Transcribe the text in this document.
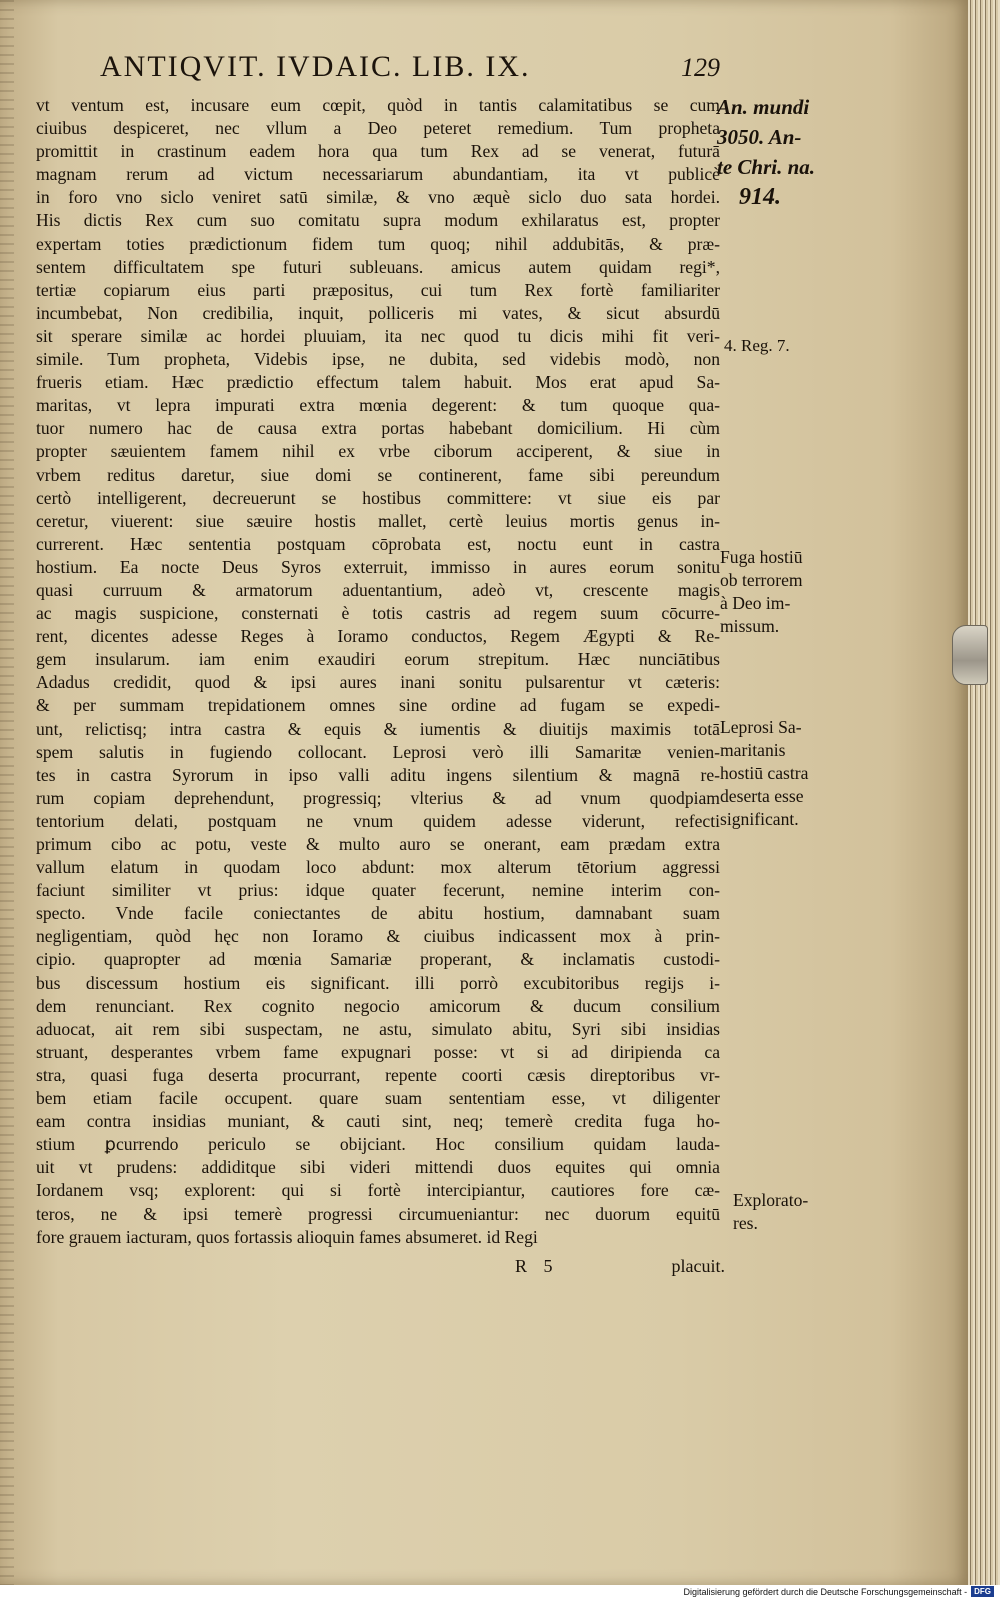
ANTIQVIT. IVDAIC. LIB. IX.	129
vt ventum est, incusare eum cœpit, quòd in tantis calamitatibus se cum
ciuibus despiceret, nec vllum a Deo peteret remedium. Tum propheta
promittit in crastinum eadem hora qua tum Rex ad se venerat, futurā
magnam rerum ad victum necessariarum abundantiam, ita vt publicè
in foro vno siclo veniret satū similæ, & vno æquè siclo duo sata hordei.
His dictis Rex cum suo comitatu supra modum exhilaratus est, propter
expertam toties prædictionum fidem tum quoq; nihil addubitās, & præ-
sentem difficultatem spe futuri subleuans. amicus autem quidam regi*,
tertiæ copiarum eius parti præpositus, cui tum Rex fortè familiariter
incumbebat, Non credibilia, inquit, polliceris mi vates, & sicut absurdū
sit sperare similæ ac hordei pluuiam, ita nec quod tu dicis mihi fit veri-
simile. Tum propheta, Videbis ipse, ne dubita, sed videbis modò, non
frueris etiam. Hæc prædictio effectum talem habuit. Mos erat apud Sa-
maritas, vt lepra impurati extra mœnia degerent: & tum quoque qua-
tuor numero hac de causa extra portas habebant domicilium. Hi cùm
propter sæuientem famem nihil ex vrbe ciborum acciperent, & siue in
vrbem reditus daretur, siue domi se continerent, fame sibi pereundum
certò intelligerent, decreuerunt se hostibus committere: vt siue eis par
ceretur, viuerent: siue sæuire hostis mallet, certè leuius mortis genus in-
currerent. Hæc sententia postquam cōprobata est, noctu eunt in castra
hostium. Ea nocte Deus Syros exterruit, immisso in aures eorum sonitu
quasi curruum & armatorum aduentantium, adeò vt, crescente magis
ac magis suspicione, consternati è totis castris ad regem suum cōcurre-
rent, dicentes adesse Reges à Ioramo conductos, Regem Ægypti & Re-
gem insularum. iam enim exaudiri eorum strepitum. Hæc nunciātibus
Adadus credidit, quod & ipsi aures inani sonitu pulsarentur vt cæteris:
& per summam trepidationem omnes sine ordine ad fugam se expedi-
unt, relictisq; intra castra & equis & iumentis & diuitijs maximis totā
spem salutis in fugiendo collocant. Leprosi verò illi Samaritæ venien-
tes in castra Syrorum in ipso valli aditu ingens silentium & magnā re-
rum copiam deprehendunt, progressiq; vlterius & ad vnum quodpiam
tentorium delati, postquam ne vnum quidem adesse viderunt, refecti
primum cibo ac potu, veste & multo auro se onerant, eam prædam extra
vallum elatum in quodam loco abdunt: mox alterum tētorium aggressi
faciunt similiter vt prius: idque quater fecerunt, nemine interim con-
specto. Vnde facile coniectantes de abitu hostium, damnabant suam
negligentiam, quòd hęc non Ioramo & ciuibus indicassent mox à prin-
cipio. quapropter ad mœnia Samariæ properant, & inclamatis custodi-
bus discessum hostium eis significant. illi porrò excubitoribus regijs i-
dem renunciant. Rex cognito negocio amicorum & ducum consilium
aduocat, ait rem sibi suspectam, ne astu, simulato abitu, Syri sibi insidias
struant, desperantes vrbem fame expugnari posse: vt si ad diripienda ca
stra, quasi fuga deserta procurrant, repente coorti cæsis direptoribus vr-
bem etiam facile occupent. quare suam sententiam esse, vt diligenter
eam contra insidias muniant, & cauti sint, neq; temerè credita fuga ho-
stium ꝑcurrendo periculo se obijciant. Hoc consilium quidam lauda-
uit vt prudens: addiditque sibi videri mittendi duos equites qui omnia
Iordanem vsq; explorent: qui si fortè intercipiantur, cautiores fore cæ-
teros, ne & ipsi temerè progressi circumueniantur: nec duorum equitū
fore grauem iacturam, quos fortassis alioquin fames absumeret. id Regi
An. mundi
3050. An-
te Chri. na.
914.
4. Reg. 7.
Fuga hostiū
ob terrorem
à Deo im-
missum.
Leprosi Sa-
maritanis
hostiū castra
deserta esse
significant.
Explorato-
res.
R 5	placuit.
Digitalisierung gefördert durch die Deutsche Forschungsgemeinschaft - DFG
